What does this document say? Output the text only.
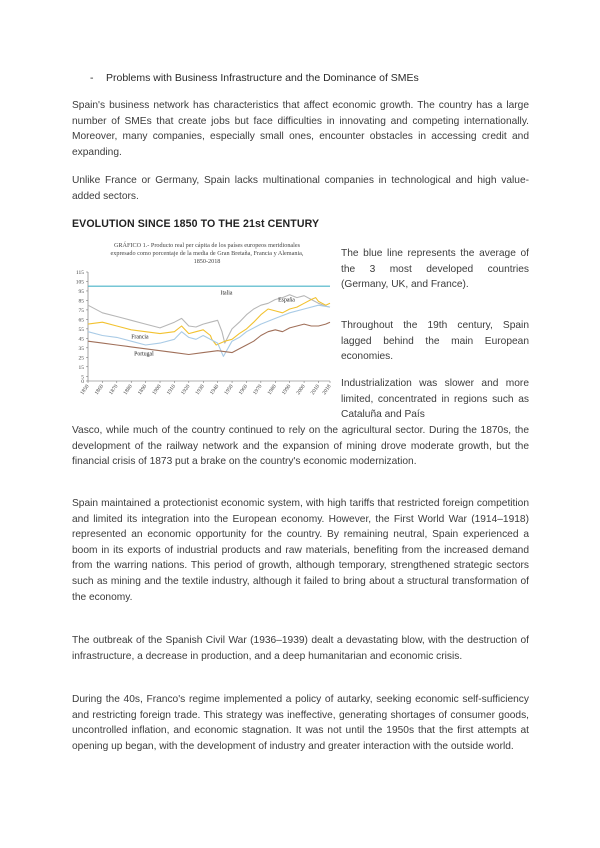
- Problems with Business Infrastructure and the Dominance of SMEs

Spain's business network has characteristics that affect economic growth. The country has a large number of SMEs that create jobs but face difficulties in innovating and competing internationally. Moreover, many companies, especially small ones, encounter obstacles in accessing credit and expanding.

Unlike France or Germany, Spain lacks multinational companies in technological and high value-added sectors.

EVOLUTION SINCE 1850 TO THE 21st CENTURY
GRÁFICO 1.- Producto real per cápita de los países europeos meridionales
expresado como porcentaje de la media de Gran Bretaña, Francia y Alemania,
1850-2018
0
5
15
25
35
45
55
65
75
85
95
105
115
1850 1860 1870 1880 1890 1900 1910 1920 1930 1940 1950 1960 1970 1980 1990 2000 2010 2018
Italia
España
Francia
Portugal

The blue line represents the average of the 3 most developed countries (Germany, UK, and France).

Throughout the 19th century, Spain lagged behind the main European economies.

Industrialization was slower and more limited, concentrated in regions such as Cataluña and País

Vasco, while much of the country continued to rely on the agricultural sector. During the 1870s, the development of the railway network and the expansion of mining drove moderate growth, but the financial crisis of 1873 put a brake on the country's economic modernization.

Spain maintained a protectionist economic system, with high tariffs that restricted foreign competition and limited its integration into the European economy. However, the First World War (1914–1918) represented an economic opportunity for the country. By remaining neutral, Spain experienced a boom in its exports of industrial products and raw materials, benefiting from the increased demand from the warring nations. This period of growth, although temporary, strengthened strategic sectors such as mining and the textile industry, although it failed to bring about a structural transformation of the economy.

The outbreak of the Spanish Civil War (1936–1939) dealt a devastating blow, with the destruction of infrastructure, a decrease in production, and a deep humanitarian and economic crisis.

During the 40s, Franco's regime implemented a policy of autarky, seeking economic self-sufficiency and restricting foreign trade. This strategy was ineffective, generating shortages of consumer goods, uncontrolled inflation, and economic stagnation. It was not until the 1950s that the first attempts at opening up began, with the development of industry and greater interaction with the outside world.
